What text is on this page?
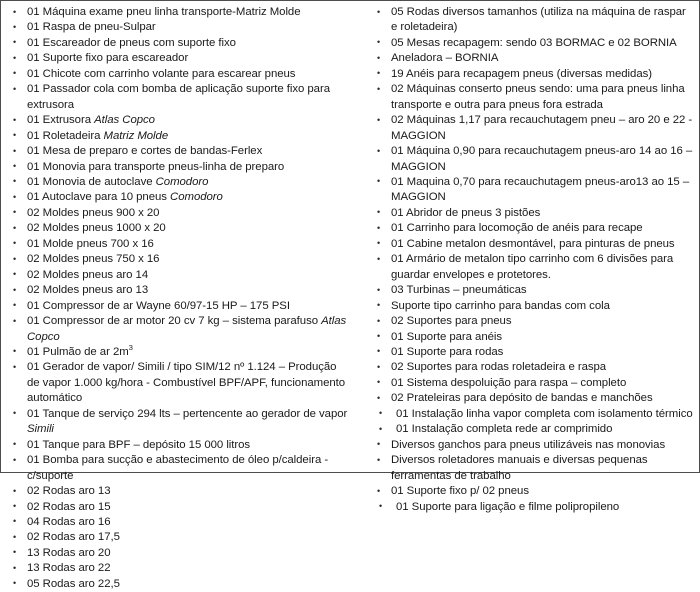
• 01 Máquina exame pneu linha transporte-Matriz Molde
• 01 Raspa de pneu-Sulpar
• 01 Escareador de pneus com suporte fixo
• 01 Suporte fixo para escareador
• 01 Chicote com carrinho volante para escarear pneus
• 01 Passador cola com bomba de aplicação suporte fixo para extrusora
• 01 Extrusora Atlas Copco
• 01 Roletadeira Matriz Molde
• 01 Mesa de preparo e cortes de bandas-Ferlex
• 01 Monovia para transporte pneus-linha de preparo
• 01 Monovia de autoclave Comodoro
• 01 Autoclave para 10 pneus Comodoro
• 02 Moldes pneus 900 x 20
• 02 Moldes pneus 1000 x 20
• 01 Molde pneus 700 x 16
• 02 Moldes pneus 750 x 16
• 02 Moldes pneus aro 14
• 02 Moldes pneus aro 13
• 01 Compressor de ar Wayne 60/97-15 HP – 175 PSI
• 01 Compressor de ar motor 20 cv 7 kg – sistema parafuso Atlas Copco
• 01 Pulmão de ar $2m^3$
• 01 Gerador de vapor/ Simili / tipo SIM/12 nº 1.124 – Produção de vapor 1.000 kg/hora - Combustível BPF/APF, funcionamento automático
• 01 Tanque de serviço 294 lts – pertencente ao gerador de vapor Simili
• 01 Tanque para BPF – depósito 15 000 litros
• 01 Bomba para sucção e abastecimento de óleo p/caldeira - c/suporte
• 02 Rodas aro 13
• 02 Rodas aro 15
• 04 Rodas aro 16
• 02 Rodas aro 17,5
• 13 Rodas aro 20
• 13 Rodas aro 22
• 05 Rodas aro 22,5
• 05 Rodas diversos tamanhos (utiliza na máquina de raspar e roletadeira)
• 05 Mesas recapagem: sendo 03 BORMAC e 02 BORNIA
• Aneladora – BORNIA
• 19 Anéis para recapagem pneus (diversas medidas)
• 02 Máquinas conserto pneus sendo: uma para pneus linha transporte e outra para pneus fora estrada
• 02 Máquinas 1,17 para recauchutagem pneu – aro 20 e 22 - MAGGION
• 01 Máquina 0,90 para recauchutagem pneus-aro 14 ao 16 – MAGGION
• 01 Maquina 0,70 para recauchutagem pneus-aro13 ao 15 – MAGGION
• 01 Abridor de pneus 3 pistões
• 01 Carrinho para locomoção de anéis para recape
• 01 Cabine metalon desmontável, para pinturas de pneus
• 01 Armário de metalon tipo carrinho com 6 divisões para guardar envelopes e protetores.
• 03 Turbinas – pneumáticas
• Suporte tipo carrinho para bandas com cola
• 02 Suportes para pneus
• 01 Suporte para anéis
• 01 Suporte para rodas
• 02 Suportes para rodas roletadeira e raspa
• 01 Sistema despoluição para raspa – completo
• 02 Prateleiras para depósito de bandas e manchões
• 01 Instalação linha vapor completa com isolamento térmico
• 01 Instalação completa rede ar comprimido
• Diversos ganchos para pneus utilizáveis nas monovias
• Diversos roletadores manuais e diversas pequenas ferramentas de trabalho
• 01 Suporte fixo p/ 02 pneus
• 01 Suporte para ligação e filme polipropileno
